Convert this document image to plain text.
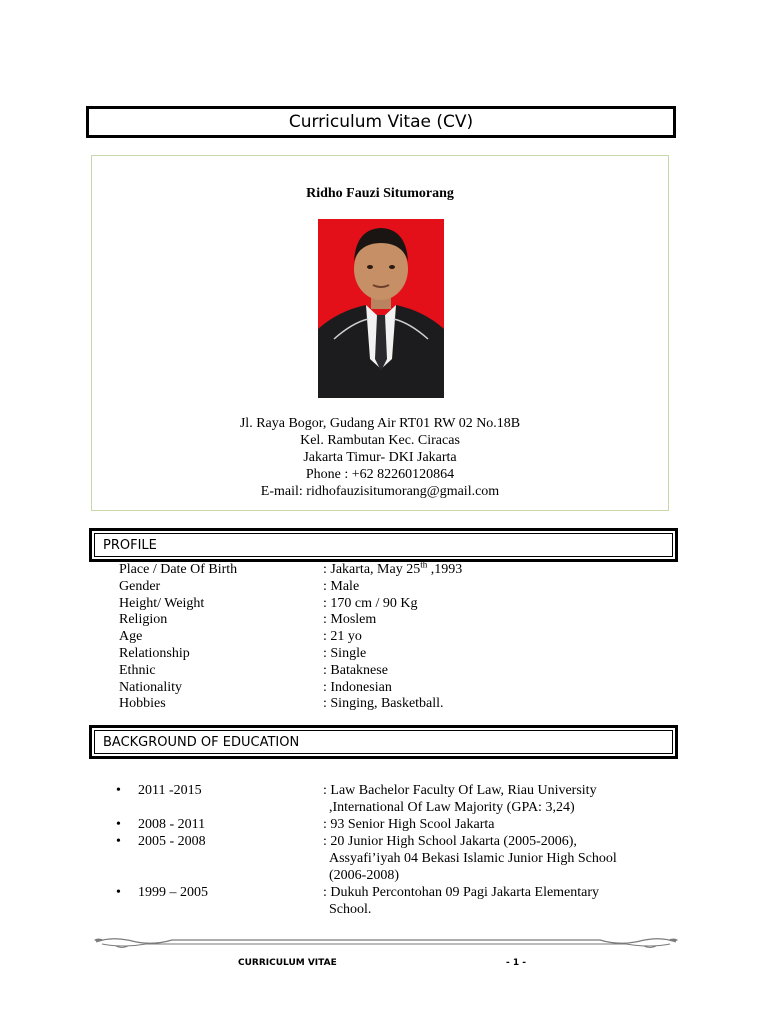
Curriculum Vitae (CV)
Ridho Fauzi Situmorang
Jl. Raya Bogor, Gudang Air RT01 RW 02 No.18B
Kel. Rambutan Kec. Ciracas
Jakarta Timur- DKI Jakarta
Phone : +62 82260120864
E-mail: ridhofauzisitumorang@gmail.com
PROFILE
Place / Date Of Birth	: Jakarta, May 25th ,1993
Gender	: Male
Height/ Weight	: 170 cm / 90 Kg
Religion	: Moslem
Age	: 21 yo
Relationship	: Single
Ethnic	: Bataknese
Nationality	: Indonesian
Hobbies	: Singing, Basketball.
BACKGROUND OF EDUCATION
• 2011 -2015	: Law Bachelor Faculty Of Law, Riau University
,International Of Law Majority (GPA: 3,24)
• 2008 - 2011	: 93 Senior High Scool Jakarta
• 2005 - 2008	: 20 Junior High School Jakarta (2005-2006),
Assyafi’iyah 04 Bekasi Islamic Junior High School
(2006-2008)
• 1999 – 2005	: Dukuh Percontohan 09 Pagi Jakarta Elementary
School.
CURRICULUM VITAE	- 1 -
